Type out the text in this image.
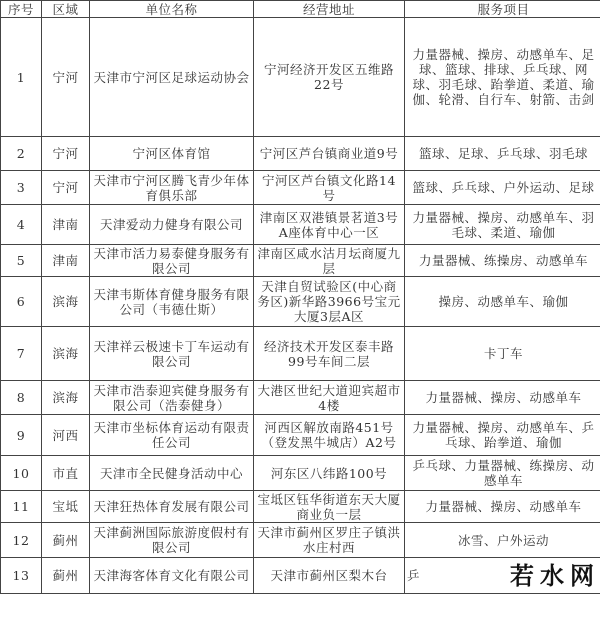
序号	区域	单位名称	经营地址	服务项目
1	宁河	天津市宁河区足球运动协会	宁河经济开发区五维路22号	力量器械、操房、动感单车、足球、篮球、排球、乒乓球、网球、羽毛球、跆拳道、柔道、瑜伽、轮滑、自行车、射箭、击剑

2	宁河	宁河区体育馆	宁河区芦台镇商业道9号	篮球、足球、乒乓球、羽毛球

3	宁河	天津市宁河区腾飞青少年体育俱乐部	宁河区芦台镇文化路14号	篮球、乒乓球、户外运动、足球

4	津南	天津爱动力健身有限公司	津南区双港镇景茗道3号A座体育中心一区	力量器械、操房、动感单车、羽毛球、柔道、瑜伽

5	津南	天津市活力易泰健身服务有限公司	津南区咸水沽月坛商厦九层	力量器械、练操房、动感单车

6	滨海	天津韦斯体育健身服务有限公司（韦德仕斯）	天津自贸试验区(中心商务区)新华路3966号宝元大厦3层A区	操房、动感单车、瑜伽

7	滨海	天津祥云极速卡丁车运动有限公司	经济技术开发区泰丰路99号车间二层	卡丁车

8	滨海	天津市浩泰迎宾健身服务有限公司（浩泰健身）	大港区世纪大道迎宾超市4楼	力量器械、操房、动感单车

9	河西	天津市坐标体育运动有限责任公司	河西区解放南路451号（登发黑牛城店）A2号	力量器械、操房、动感单车、乒乓球、跆拳道、瑜伽

10	市直	天津市全民健身活动中心	河东区八纬路100号	乒乓球、力量器械、练操房、动感单车

11	宝坻	天津狂热体育发展有限公司	宝坻区钰华街道东天大厦商业负一层	力量器械、操房、动感单车

12	蓟州	天津蓟洲国际旅游度假村有限公司	天津市蓟州区罗庄子镇洪水庄村西	冰雪、户外运动

13	蓟州	天津海客体育文化有限公司	天津市蓟州区梨木台	乒 若水网
